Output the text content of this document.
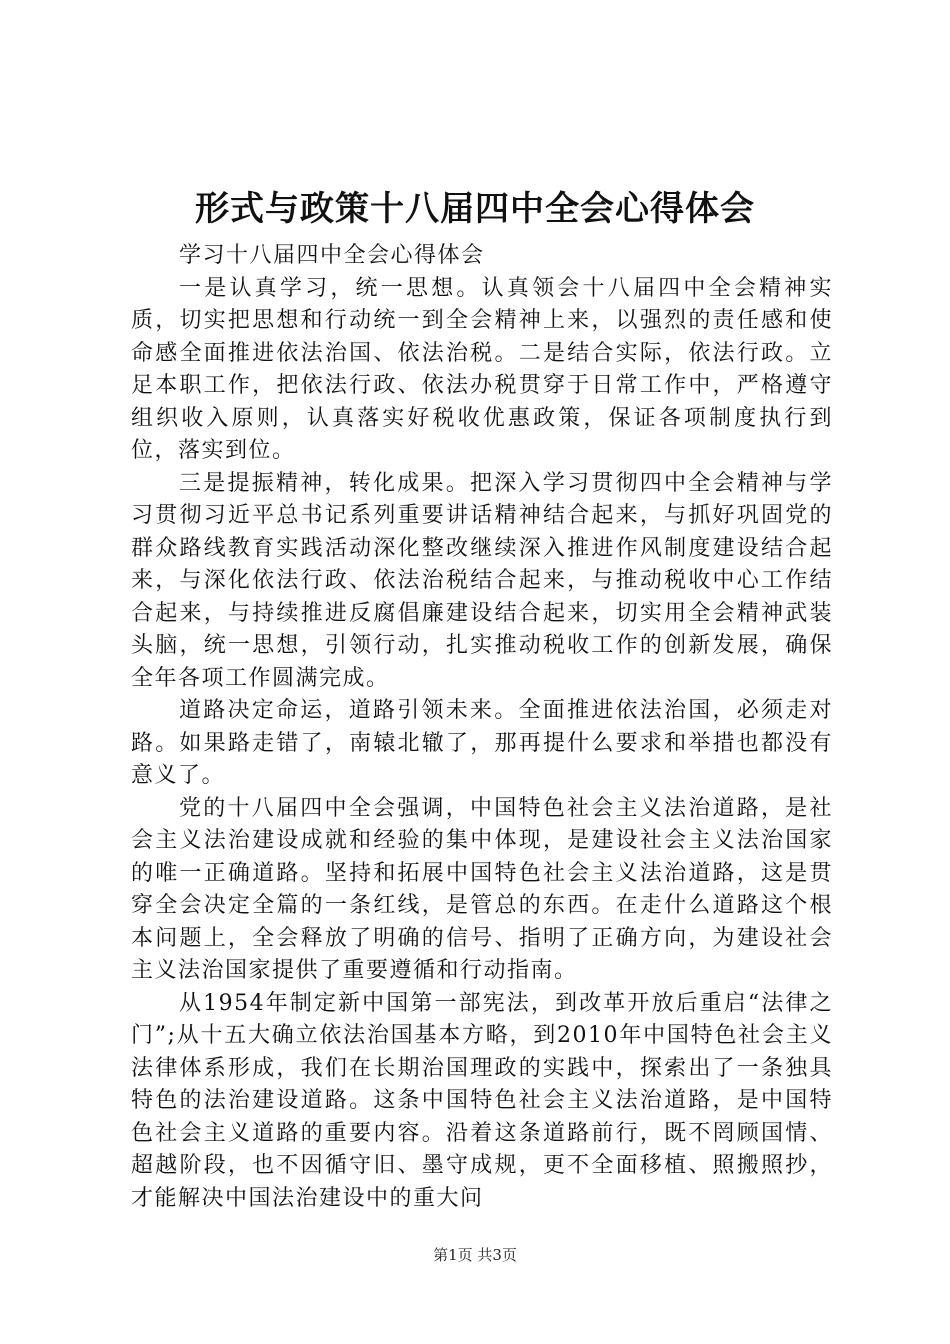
形式与政策十八届四中全会心得体会

学习十八届四中全会心得体会

一是认真学习，统一思想。认真领会十八届四中全会精神实质，切实把思想和行动统一到全会精神上来，以强烈的责任感和使命感全面推进依法治国、依法治税。二是结合实际，依法行政。立足本职工作，把依法行政、依法办税贯穿于日常工作中，严格遵守组织收入原则，认真落实好税收优惠政策，保证各项制度执行到位，落实到位。

三是提振精神，转化成果。把深入学习贯彻四中全会精神与学习贯彻习近平总书记系列重要讲话精神结合起来，与抓好巩固党的群众路线教育实践活动深化整改继续深入推进作风制度建设结合起来，与深化依法行政、依法治税结合起来，与推动税收中心工作结合起来，与持续推进反腐倡廉建设结合起来，切实用全会精神武装头脑，统一思想，引领行动，扎实推动税收工作的创新发展，确保全年各项工作圆满完成。

道路决定命运，道路引领未来。全面推进依法治国，必须走对路。如果路走错了，南辕北辙了，那再提什么要求和举措也都没有意义了。

党的十八届四中全会强调，中国特色社会主义法治道路，是社会主义法治建设成就和经验的集中体现，是建设社会主义法治国家的唯一正确道路。坚持和拓展中国特色社会主义法治道路，这是贯穿全会决定全篇的一条红线，是管总的东西。在走什么道路这个根本问题上，全会释放了明确的信号、指明了正确方向，为建设社会主义法治国家提供了重要遵循和行动指南。

从1954年制定新中国第一部宪法，到改革开放后重启“法律之门”;从十五大确立依法治国基本方略，到2010年中国特色社会主义法律体系形成，我们在长期治国理政的实践中，探索出了一条独具特色的法治建设道路。这条中国特色社会主义法治道路，是中国特色社会主义道路的重要内容。沿着这条道路前行，既不罔顾国情、超越阶段，也不因循守旧、墨守成规，更不全面移植、照搬照抄，才能解决中国法治建设中的重大问

第1页 共3页
